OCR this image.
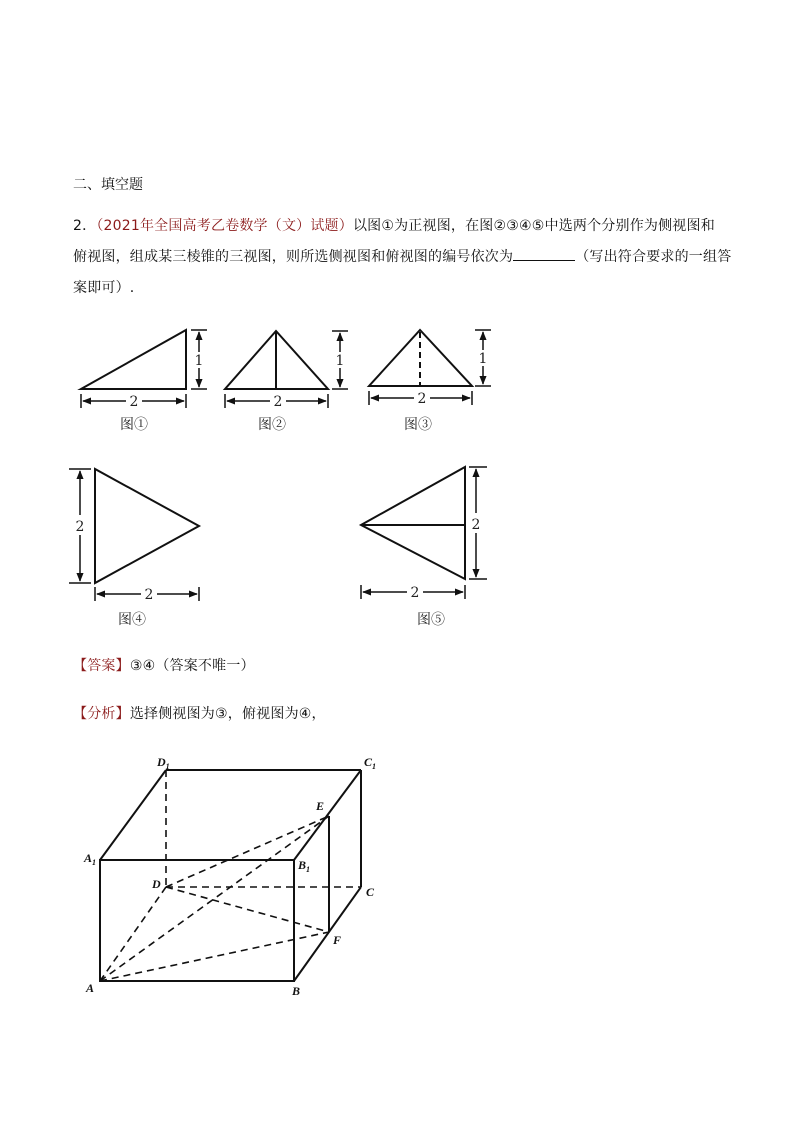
二、填空题
2．（2021年全国高考乙卷数学（文）试题）以图①为正视图，在图②③④⑤中选两个分别作为侧视图和
俯视图，组成某三棱锥的三视图，则所选侧视图和俯视图的编号依次为	（写出符合要求的一组答
案即可）.
2
1
图①
2
1
图②
2
1
图③
2
2
图④
2
2
图⑤
$D_1$	$C_1$
$A_1$	$B_1$
E
D
C
F
A	B
【答案】③④（答案不唯一）
【分析】选择侧视图为③，俯视图为④，
